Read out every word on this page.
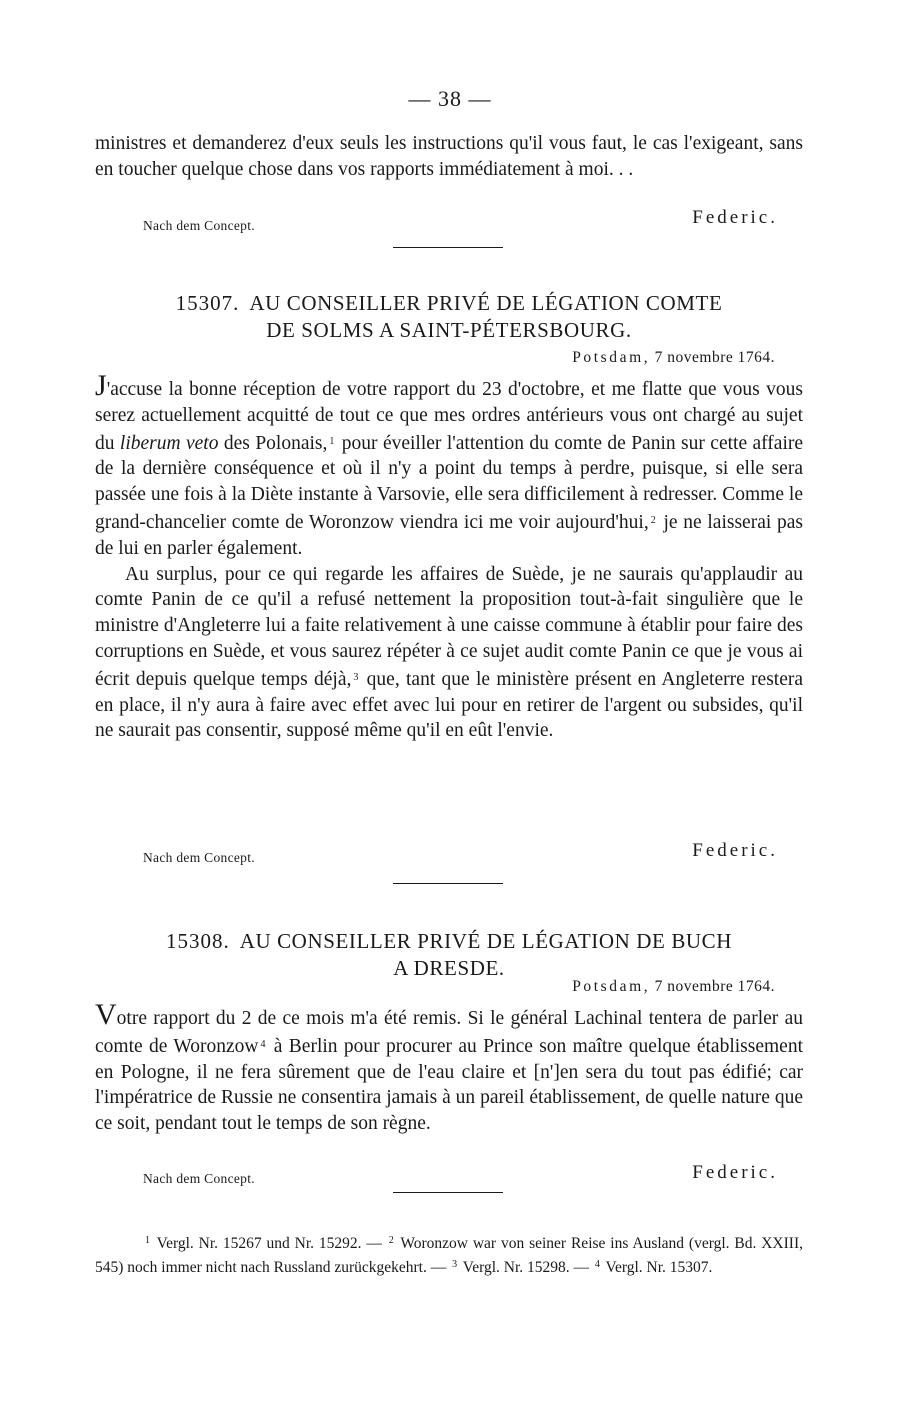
— 38 —

ministres et demanderez d'eux seuls les instructions qu'il vous faut, le cas l'exigeant, sans en toucher quelque chose dans vos rapports immédiatement à moi. . .

Nach dem Concept.	Federic.
15307. AU CONSEILLER PRIVÉ DE LÉGATION COMTE
DE SOLMS A SAINT-PÉTERSBOURG.
Potsdam, 7 novembre 1764.

J'accuse la bonne réception de votre rapport du 23 d'octobre, et me flatte que vous vous serez actuellement acquitté de tout ce que mes ordres antérieurs vous ont chargé au sujet du liberum veto des Polonais, $^1$ pour éveiller l'attention du comte de Panin sur cette affaire de la dernière conséquence et où il n'y a point du temps à perdre, puisque, si elle sera passée une fois à la Diète instante à Varsovie, elle sera difficilement à redresser. Comme le grand-chancelier comte de Woronzow viendra ici me voir aujourd'hui, $^2$ je ne laisserai pas de lui en parler également.

Au surplus, pour ce qui regarde les affaires de Suède, je ne saurais qu'applaudir au comte Panin de ce qu'il a refusé nettement la proposition tout-à-fait singulière que le ministre d'Angleterre lui a faite relativement à une caisse commune à établir pour faire des corruptions en Suède, et vous saurez répéter à ce sujet audit comte Panin ce que je vous ai écrit depuis quelque temps déjà, $^3$ que, tant que le ministère présent en Angleterre restera en place, il n'y aura à faire avec effet avec lui pour en retirer de l'argent ou subsides, qu'il ne saurait pas consentir, supposé même qu'il en eût l'envie.

Nach dem Concept.	Federic.
15308. AU CONSEILLER PRIVÉ DE LÉGATION DE BUCH
A DRESDE.
Potsdam, 7 novembre 1764.

Votre rapport du 2 de ce mois m'a été remis. Si le général Lachinal tentera de parler au comte de Woronzow $^4$ à Berlin pour procurer au Prince son maître quelque établissement en Pologne, il ne fera sûrement que de l'eau claire et [n']en sera du tout pas édifié; car l'impératrice de Russie ne consentira jamais à un pareil établissement, de quelle nature que ce soit, pendant tout le temps de son règne.

Nach dem Concept.	Federic.
$^1$ Vergl. Nr. 15267 und Nr. 15292. — $^2$ Woronzow war von seiner Reise ins Ausland (vergl. Bd. XXIII, 545) noch immer nicht nach Russland zurückgekehrt. — $^3$ Vergl. Nr. 15298. — $^4$ Vergl. Nr. 15307.
